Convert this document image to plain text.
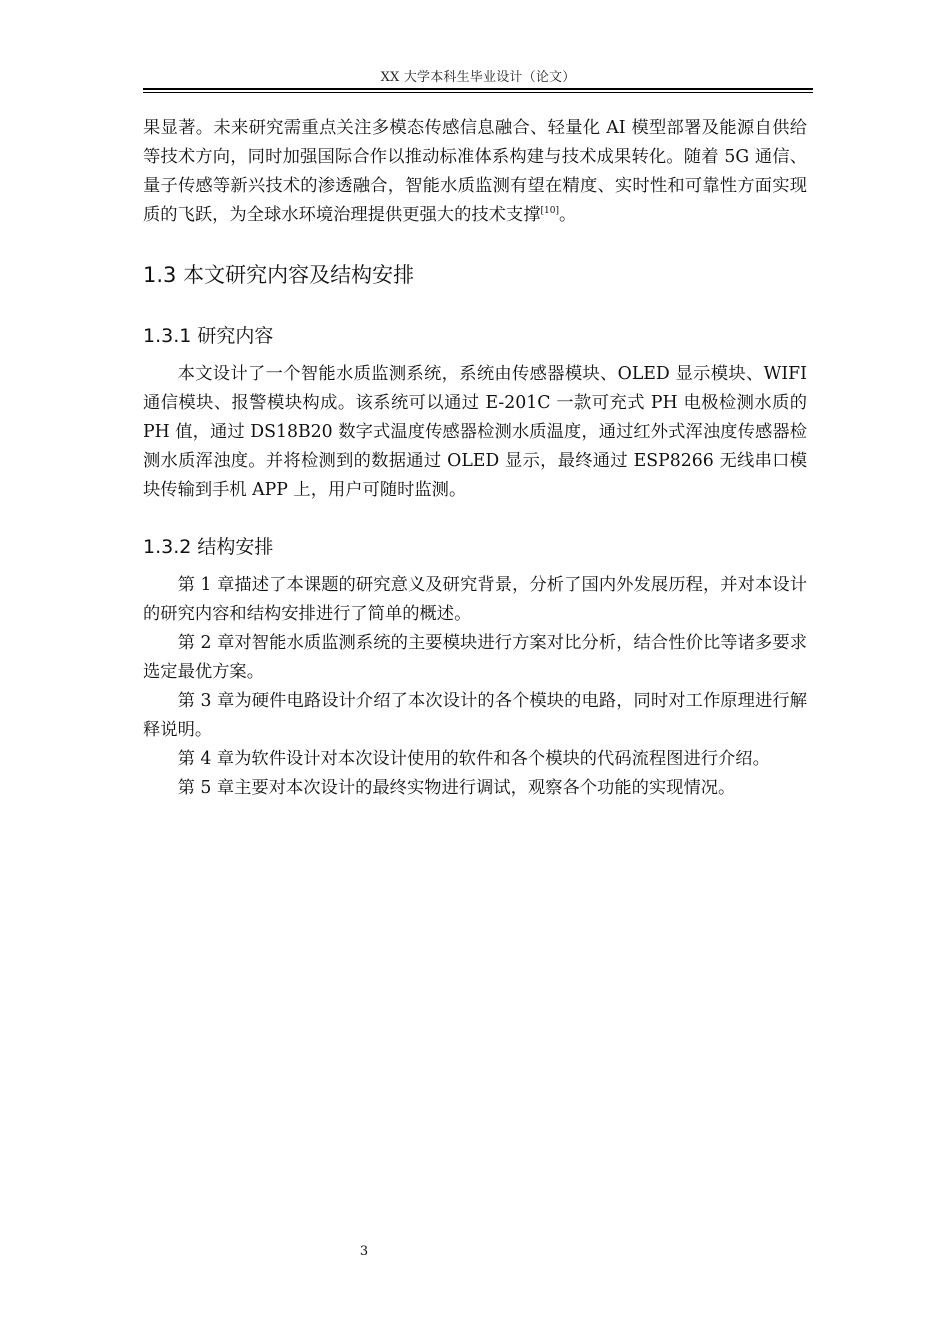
XX 大学本科生毕业设计（论文）

果显著。未来研究需重点关注多模态传感信息融合、轻量化 AI 模型部署及能源自供给等技术方向，同时加强国际合作以推动标准体系构建与技术成果转化。随着 5G 通信、量子传感等新兴技术的渗透融合，智能水质监测有望在精度、实时性和可靠性方面实现质的飞跃，为全球水环境治理提供更强大的技术支撑[10]。

1.3 本文研究内容及结构安排
1.3.1 研究内容

本文设计了一个智能水质监测系统，系统由传感器模块、OLED 显示模块、WIFI 通信模块、报警模块构成。该系统可以通过 E-201C 一款可充式 PH 电极检测水质的 PH 值，通过 DS18B20 数字式温度传感器检测水质温度，通过红外式浑浊度传感器检测水质浑浊度。并将检测到的数据通过 OLED 显示，最终通过 ESP8266 无线串口模块传输到手机 APP 上，用户可随时监测。

1.3.2 结构安排

第 1 章描述了本课题的研究意义及研究背景，分析了国内外发展历程，并对本设计的研究内容和结构安排进行了简单的概述。

第 2 章对智能水质监测系统的主要模块进行方案对比分析，结合性价比等诸多要求选定最优方案。

第 3 章为硬件电路设计介绍了本次设计的各个模块的电路，同时对工作原理进行解释说明。

第 4 章为软件设计对本次设计使用的软件和各个模块的代码流程图进行介绍。

第 5 章主要对本次设计的最终实物进行调试，观察各个功能的实现情况。

3
